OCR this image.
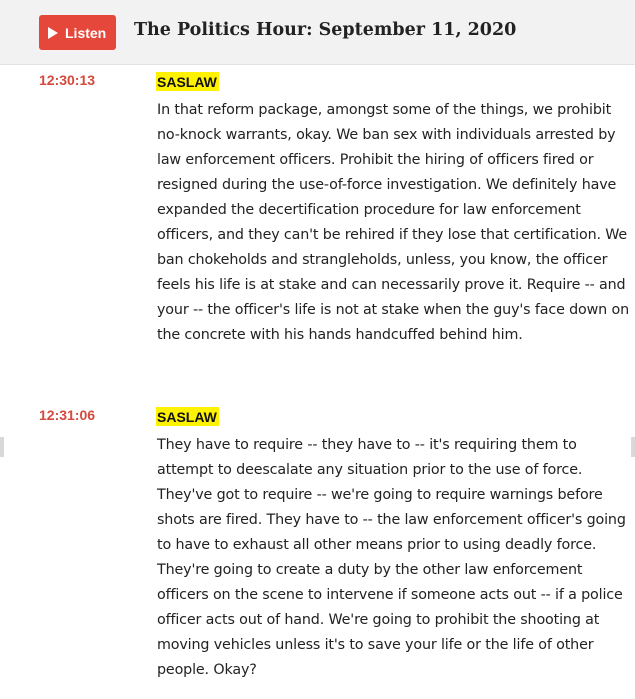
Listen The Politics Hour: September 11, 2020
12:30:13	SASLAW

In that reform package, amongst some of the things, we prohibit no-knock warrants, okay. We ban sex with individuals arrested by law enforcement officers. Prohibit the hiring of officers fired or resigned during the use-of-force investigation. We definitely have expanded the decertification procedure for law enforcement officers, and they can't be rehired if they lose that certification. We ban chokeholds and strangleholds, unless, you know, the officer feels his life is at stake and can necessarily prove it. Require -- and your -- the officer's life is not at stake when the guy's face down on the concrete with his hands handcuffed behind him.

12:31:06	SASLAW

They have to require -- they have to -- it's requiring them to attempt to deescalate any situation prior to the use of force. They've got to require -- we're going to require warnings before shots are fired. They have to -- the law enforcement officer's going to have to exhaust all other means prior to using deadly force. They're going to create a duty by the other law enforcement officers on the scene to intervene if someone acts out -- if a police officer acts out of hand. We're going to prohibit the shooting at moving vehicles unless it's to save your life or the life of other people. Okay?
